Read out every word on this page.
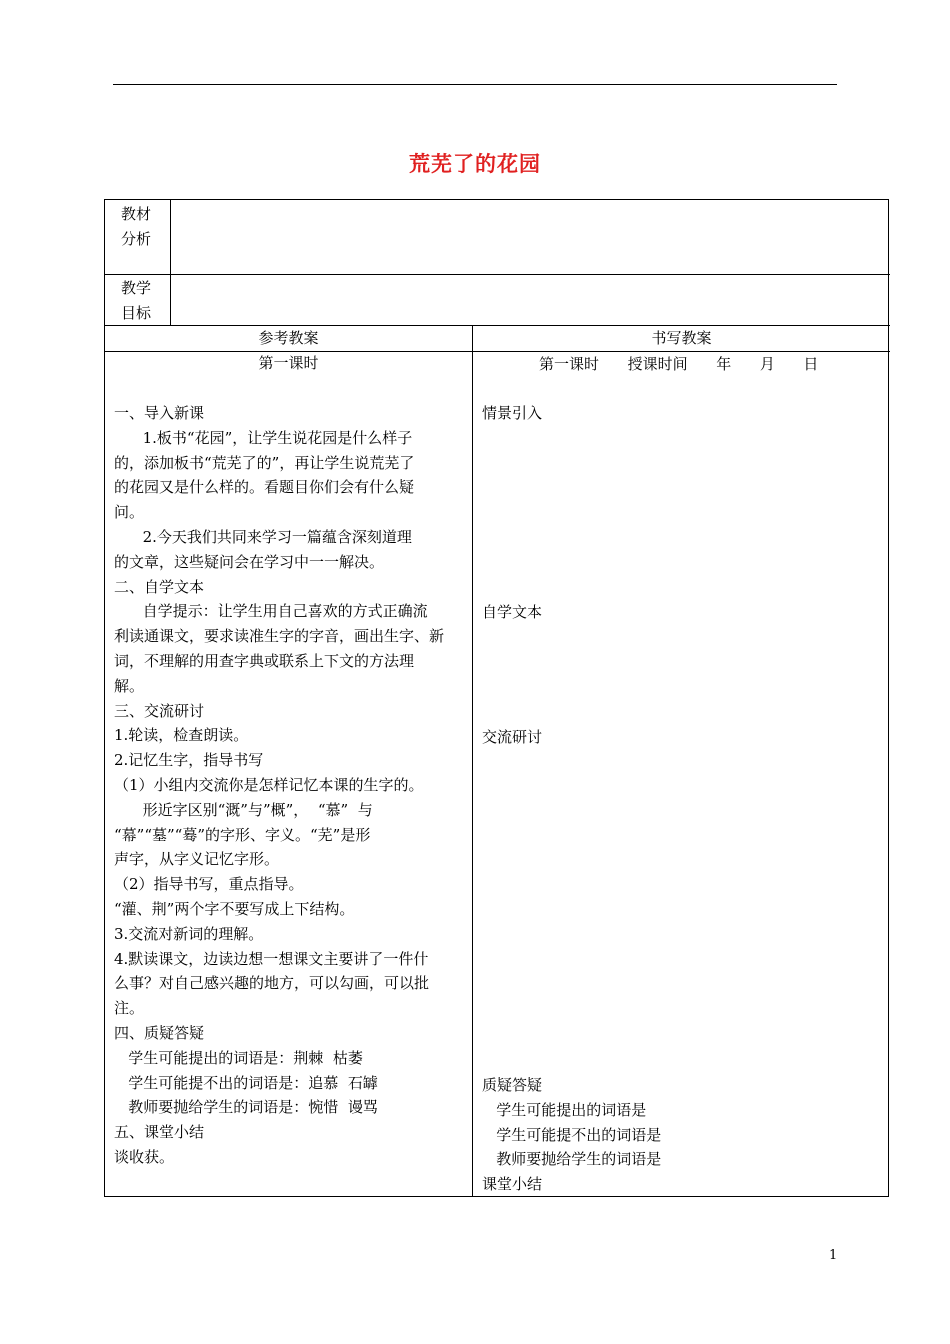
荒芜了的花园
教材
分析
教学
目标
参考教案	书写教案
第一课时
一、导入新课
1.板书“花园”，让学生说花园是什么样子
的，添加板书“荒芜了的”，再让学生说荒芜了
的花园又是什么样的。看题目你们会有什么疑
问。
2.今天我们共同来学习一篇蕴含深刻道理
的文章，这些疑问会在学习中一一解决。
二、自学文本
自学提示：让学生用自己喜欢的方式正确流
利读通课文，要求读准生字的字音，画出生字、新
词，不理解的用查字典或联系上下文的方法理
解。
三、交流研讨
1.轮读，检查朗读。
2.记忆生字，指导书写
（1）小组内交流你是怎样记忆本课的生字的。
形近字区别“溉”与”概”，  “慕”  与
“幕”“墓”“蓦”的字形、字义。“芜”是形
声字，从字义记忆字形。
（2）指导书写，重点指导。
“灌、荆”两个字不要写成上下结构。
3.交流对新词的理解。
4.默读课文，边读边想一想课文主要讲了一件什
么事？对自己感兴趣的地方，可以勾画，可以批
注。
四、质疑答疑
学生可能提出的词语是：荆棘  枯萎
学生可能提不出的词语是：追慕  石罅
教师要抛给学生的词语是：惋惜  谩骂
五、课堂小结
谈收获。
第一课时      授课时间      年      月      日
情景引入
自学文本
交流研讨
质疑答疑
学生可能提出的词语是
学生可能提不出的词语是
教师要抛给学生的词语是
课堂小结
1
